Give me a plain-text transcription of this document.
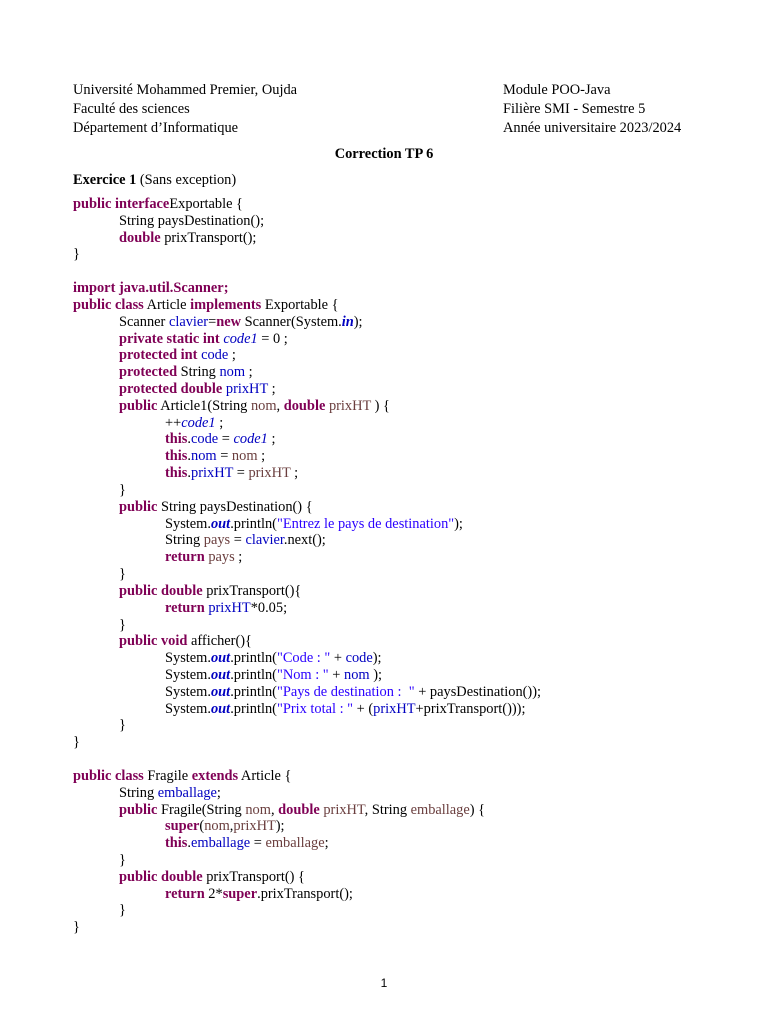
Université Mohammed Premier, Oujda
Faculté des sciences
Département d’Informatique
Module POO-Java
Filière SMI - Semestre 5
Année universitaire 2023/2024
Correction TP 6
Exercice 1 (Sans exception)
public interfaceExportable {
String paysDestination();
double prixTransport();
}
import java.util.Scanner;
public class Article implements Exportable {
Scanner clavier=new Scanner(System.in);
private static int code1 = 0 ;
protected int code ;
protected String nom ;
protected double prixHT ;
public Article1(String nom, double prixHT ) {
++code1 ;
this.code = code1 ;
this.nom = nom ;
this.prixHT = prixHT ;
}
public String paysDestination() {
System.out.println("Entrez le pays de destination");
String pays = clavier.next();
return pays ;
}
public double prixTransport(){
return prixHT*0.05;
}
public void afficher(){
System.out.println("Code : " + code);
System.out.println("Nom : " + nom );
System.out.println("Pays de destination :  " + paysDestination());
System.out.println("Prix total : " + (prixHT+prixTransport()));
}
}
public class Fragile extends Article {
String emballage;
public Fragile(String nom, double prixHT, String emballage) {
super(nom,prixHT);
this.emballage = emballage;
}
public double prixTransport() {
return 2*super.prixTransport();
}
}
1
